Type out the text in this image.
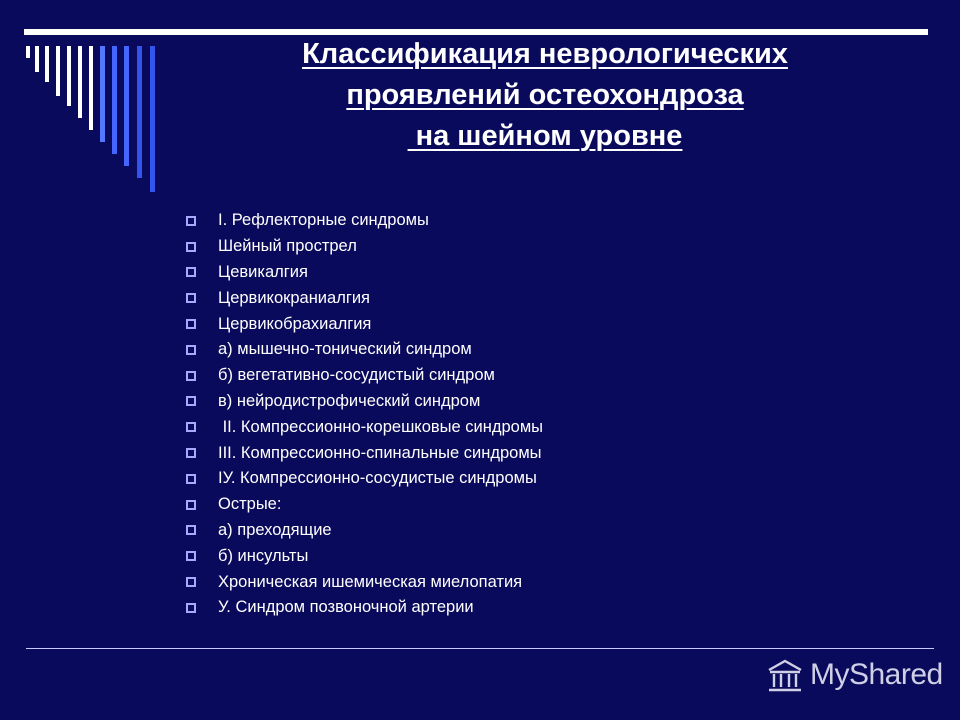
Классификация неврологических
проявлений остеохондроза
на шейном уровне
I. Рефлекторные синдромы
Шейный прострел
Цевикалгия
Цервикокраниалгия
Цервикобрахиалгия
а) мышечно-тонический синдром
б) вегетативно-сосудистый синдром
в) нейродистрофический синдром
II. Компрессионно-корешковые синдромы
III. Компрессионно-спинальные синдромы
IУ. Компрессионно-сосудистые синдромы
Острые:
а) преходящие
б) инсульты
Хроническая ишемическая миелопатия
У. Синдром позвоночной артерии
MyShared
